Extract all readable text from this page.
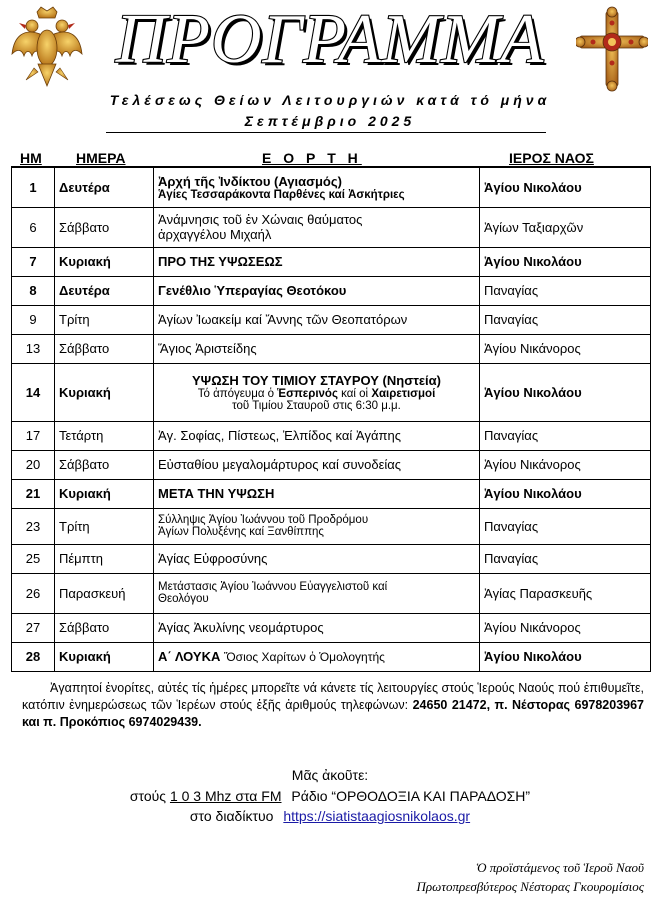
ΠΡΟΓΡΑΜΜΑ
Τελέσεως Θείων Λειτουργιών κατά τό μήνα
Σεπτέμβριο 2025
ΗΜ ΗΜΕΡΑ	Ε Ο Ρ Τ Η	ΙΕΡΟΣ ΝΑΟΣ
1	Δευτέρα	Ἀρχή τῆς Ἰνδίκτου (Αγιασμός)
Ἁγίες Τεσσαράκοντα Παρθένες καί Ἀσκήτριες	Ἁγίου Νικολάου
6	Σάββατο	Ἀνάμνησις τοῦ ἐν Χώναις θαύματος
ἀρχαγγέλου Μιχαήλ	Ἁγίων Ταξιαρχῶν
7	Κυριακή	ΠΡΟ ΤΗΣ ΥΨΩΣΕΩΣ	Ἁγίου Νικολάου
8	Δευτέρα	Γενέθλιο Ὑπεραγίας Θεοτόκου	Παναγίας
9	Τρίτη	Ἁγίων Ἰωακείμ καί Ἄννης τῶν Θεοπατόρων	Παναγίας
13	Σάββατο	Ἅγιος Ἀριστείδης	Ἁγίου Νικάνορος
14	Κυριακή	ΥΨΩΣΗ ΤΟΥ ΤΙΜΙΟΥ ΣΤΑΥΡΟΥ (Νηστεία)
Τό ἀπόγευμα ὁ Ἑσπερινός καί οἱ Χαιρετισμοί
τοῦ Τιμίου Σταυροῦ στις 6:30 μ.μ.	Ἁγίου Νικολάου
17	Τετάρτη	Ἁγ. Σοφίας, Πίστεως, Ἐλπίδος καί Ἀγάπης	Παναγίας
20	Σάββατο	Εὐσταθίου μεγαλομάρτυρος καί συνοδείας	Ἁγίου Νικάνορος
21	Κυριακή	ΜΕΤΑ ΤΗΝ ΥΨΩΣΗ	Ἁγίου Νικολάου
23	Τρίτη	Σύλληψις Ἁγίου Ἰωάννου τοῦ Προδρόμου
Ἁγίων Πολυξένης καί Ξανθίππης	Παναγίας
25	Πέμπτη	Ἁγίας Εὐφροσύνης	Παναγίας
26	Παρασκευή	Μετάστασις Ἁγίου Ἰωάννου Εὐαγγελιστοῦ καί
Θεολόγου	Ἁγίας Παρασκευῆς
27	Σάββατο	Ἁγίας Ἀκυλίνης νεομάρτυρος	Ἁγίου Νικάνορος
28	Κυριακή	Α΄ ΛΟΥΚΑ Ὅσιος Χαρίτων ὁ Ὁμολογητής	Ἁγίου Νικολάου
Ἀγαπητοί ἐνορίτες, αὐτές τίς ἡμέρες μπορεῖτε νά κάνετε τίς λειτουργίες στούς Ἱερούς Ναούς πού ἐπιθυμεῖτε, κατόπιν ἐνημερώσεως τῶν Ἱερέων στούς ἑξῆς ἀριθμούς τηλεφώνων: 24650 21472, π. Νέστορας 6978203967 και π. Προκόπιος 6974029439.
Μᾶς ἀκοῦτε:
στούς 1 0 3 Mhz στα FM Ράδιο “ΟΡΘΟΔΟΞΙΑ ΚΑΙ ΠΑΡΑΔΟΣΗ”
στο διαδίκτυο https://siatistaagiosnikolaos.gr
Ὁ προϊστάμενος τοῦ Ἱεροῦ Ναοῦ
Πρωτοπρεσβύτερος Νέστορας Γκουρομίσιος
